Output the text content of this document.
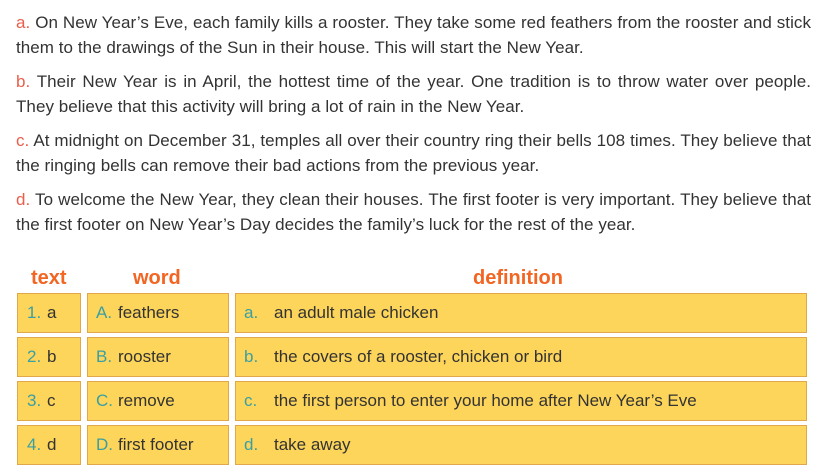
a. On New Year’s Eve, each family kills a rooster. They take some red feathers from the rooster and stick them to the drawings of the Sun in their house. This will start the New Year.

b. Their New Year is in April, the hottest time of the year. One tradition is to throw water over people. They believe that this activity will bring a lot of rain in the New Year.

c. At midnight on December 31, temples all over their country ring their bells 108 times. They believe that the ringing bells can remove their bad actions from the previous year.

d. To welcome the New Year, they clean their houses. The first footer is very important. They believe that the first footer on New Year’s Day decides the family’s luck for the rest of the year.

text	word	definition
1. a	A. feathers	a. an adult male chicken
2. b	B. rooster	b. the covers of a rooster, chicken or bird
3. c	C. remove	c. the first person to enter your home after New Year’s Eve
4. d	D. first footer	d. take away
